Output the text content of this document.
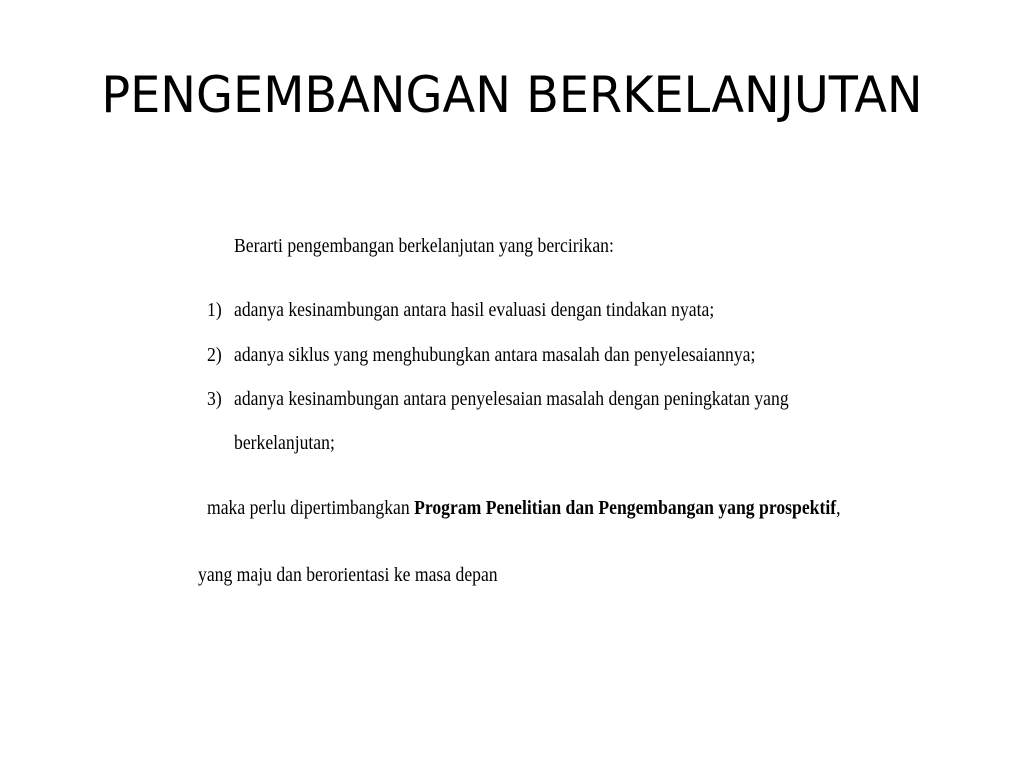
PENGEMBANGAN BERKELANJUTAN
Berarti pengembangan berkelanjutan yang bercirikan:
1) adanya kesinambungan antara hasil evaluasi dengan tindakan nyata;
2) adanya siklus yang menghubungkan antara masalah dan penyelesaiannya;
3) adanya kesinambungan antara penyelesaian masalah dengan peningkatan yang
berkelanjutan;
maka perlu dipertimbangkan Program Penelitian dan Pengembangan yang prospektif,
yang maju dan berorientasi ke masa depan
